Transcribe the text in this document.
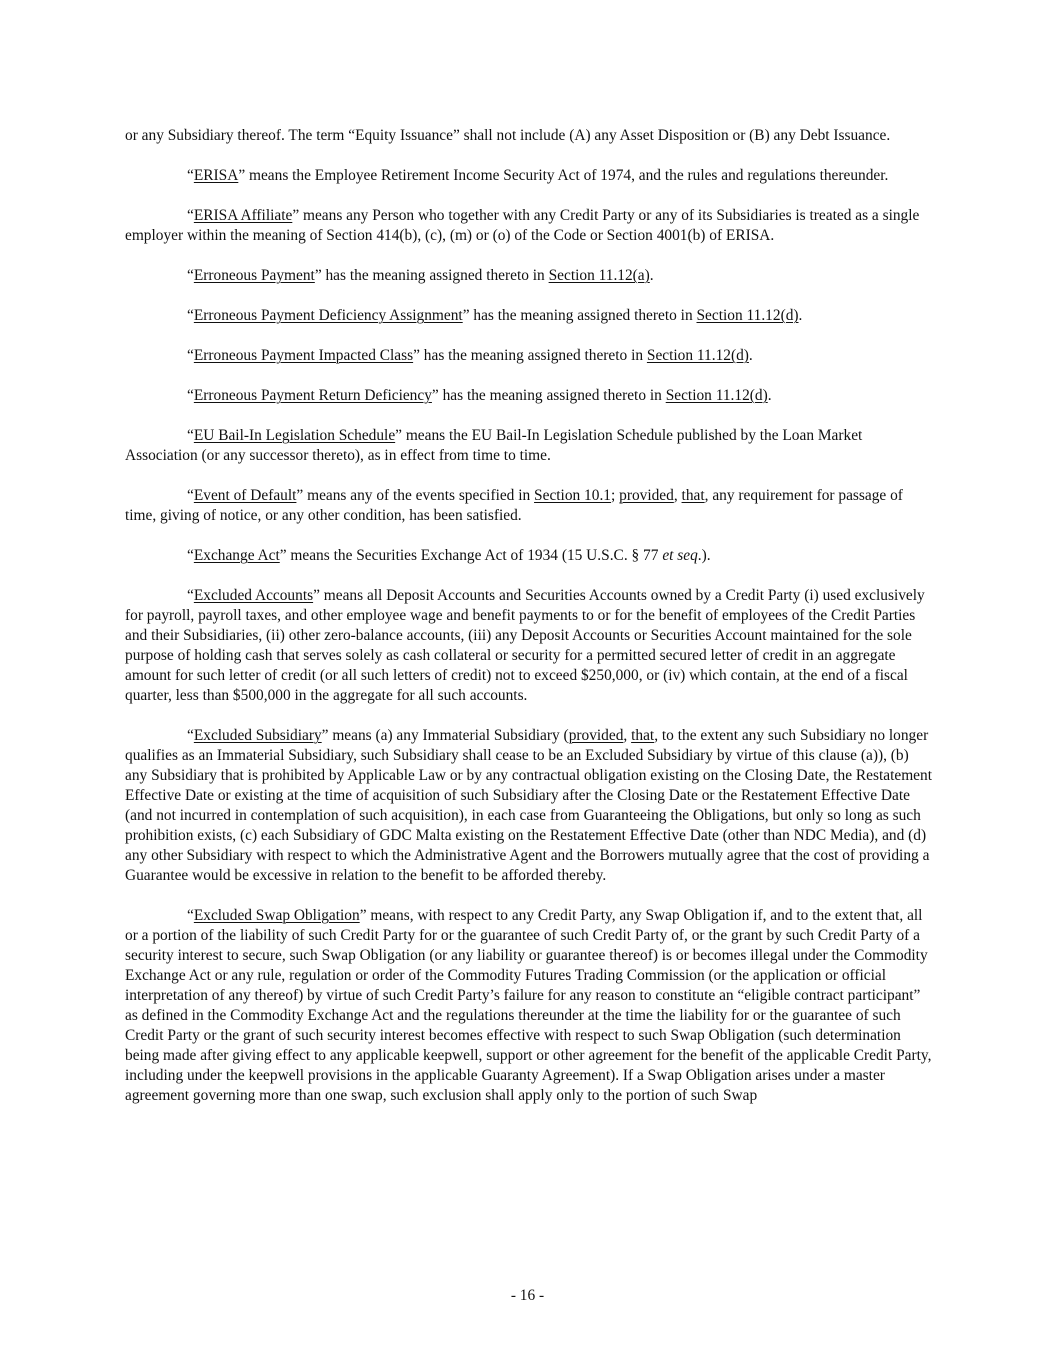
or any Subsidiary thereof. The term “Equity Issuance” shall not include (A) any Asset Disposition or (B) any Debt Issuance.

“ERISA” means the Employee Retirement Income Security Act of 1974, and the rules and regulations thereunder.

“ERISA Affiliate” means any Person who together with any Credit Party or any of its Subsidiaries is treated as a single employer within the meaning of Section 414(b), (c), (m) or (o) of the Code or Section 4001(b) of ERISA.

“Erroneous Payment” has the meaning assigned thereto in Section 11.12(a).

“Erroneous Payment Deficiency Assignment” has the meaning assigned thereto in Section 11.12(d).

“Erroneous Payment Impacted Class” has the meaning assigned thereto in Section 11.12(d).

“Erroneous Payment Return Deficiency” has the meaning assigned thereto in Section 11.12(d).

“EU Bail-In Legislation Schedule” means the EU Bail-In Legislation Schedule published by the Loan Market Association (or any successor thereto), as in effect from time to time.

“Event of Default” means any of the events specified in Section 10.1; provided, that, any requirement for passage of time, giving of notice, or any other condition, has been satisfied.

“Exchange Act” means the Securities Exchange Act of 1934 (15 U.S.C. § 77 et seq.).

“Excluded Accounts” means all Deposit Accounts and Securities Accounts owned by a Credit Party (i) used exclusively for payroll, payroll taxes, and other employee wage and benefit payments to or for the benefit of employees of the Credit Parties and their Subsidiaries, (ii) other zero-balance accounts, (iii) any Deposit Accounts or Securities Account maintained for the sole purpose of holding cash that serves solely as cash collateral or security for a permitted secured letter of credit in an aggregate amount for such letter of credit (or all such letters of credit) not to exceed $250,000, or (iv) which contain, at the end of a fiscal quarter, less than $500,000 in the aggregate for all such accounts.

“Excluded Subsidiary” means (a) any Immaterial Subsidiary (provided, that, to the extent any such Subsidiary no longer qualifies as an Immaterial Subsidiary, such Subsidiary shall cease to be an Excluded Subsidiary by virtue of this clause (a)), (b) any Subsidiary that is prohibited by Applicable Law or by any contractual obligation existing on the Closing Date, the Restatement Effective Date or existing at the time of acquisition of such Subsidiary after the Closing Date or the Restatement Effective Date (and not incurred in contemplation of such acquisition), in each case from Guaranteeing the Obligations, but only so long as such prohibition exists, (c) each Subsidiary of GDC Malta existing on the Restatement Effective Date (other than NDC Media), and (d) any other Subsidiary with respect to which the Administrative Agent and the Borrowers mutually agree that the cost of providing a Guarantee would be excessive in relation to the benefit to be afforded thereby.

“Excluded Swap Obligation” means, with respect to any Credit Party, any Swap Obligation if, and to the extent that, all or a portion of the liability of such Credit Party for or the guarantee of such Credit Party of, or the grant by such Credit Party of a security interest to secure, such Swap Obligation (or any liability or guarantee thereof) is or becomes illegal under the Commodity Exchange Act or any rule, regulation or order of the Commodity Futures Trading Commission (or the application or official interpretation of any thereof) by virtue of such Credit Party’s failure for any reason to constitute an “eligible contract participant” as defined in the Commodity Exchange Act and the regulations thereunder at the time the liability for or the guarantee of such Credit Party or the grant of such security interest becomes effective with respect to such Swap Obligation (such determination being made after giving effect to any applicable keepwell, support or other agreement for the benefit of the applicable Credit Party, including under the keepwell provisions in the applicable Guaranty Agreement). If a Swap Obligation arises under a master agreement governing more than one swap, such exclusion shall apply only to the portion of such Swap

- 16 -
